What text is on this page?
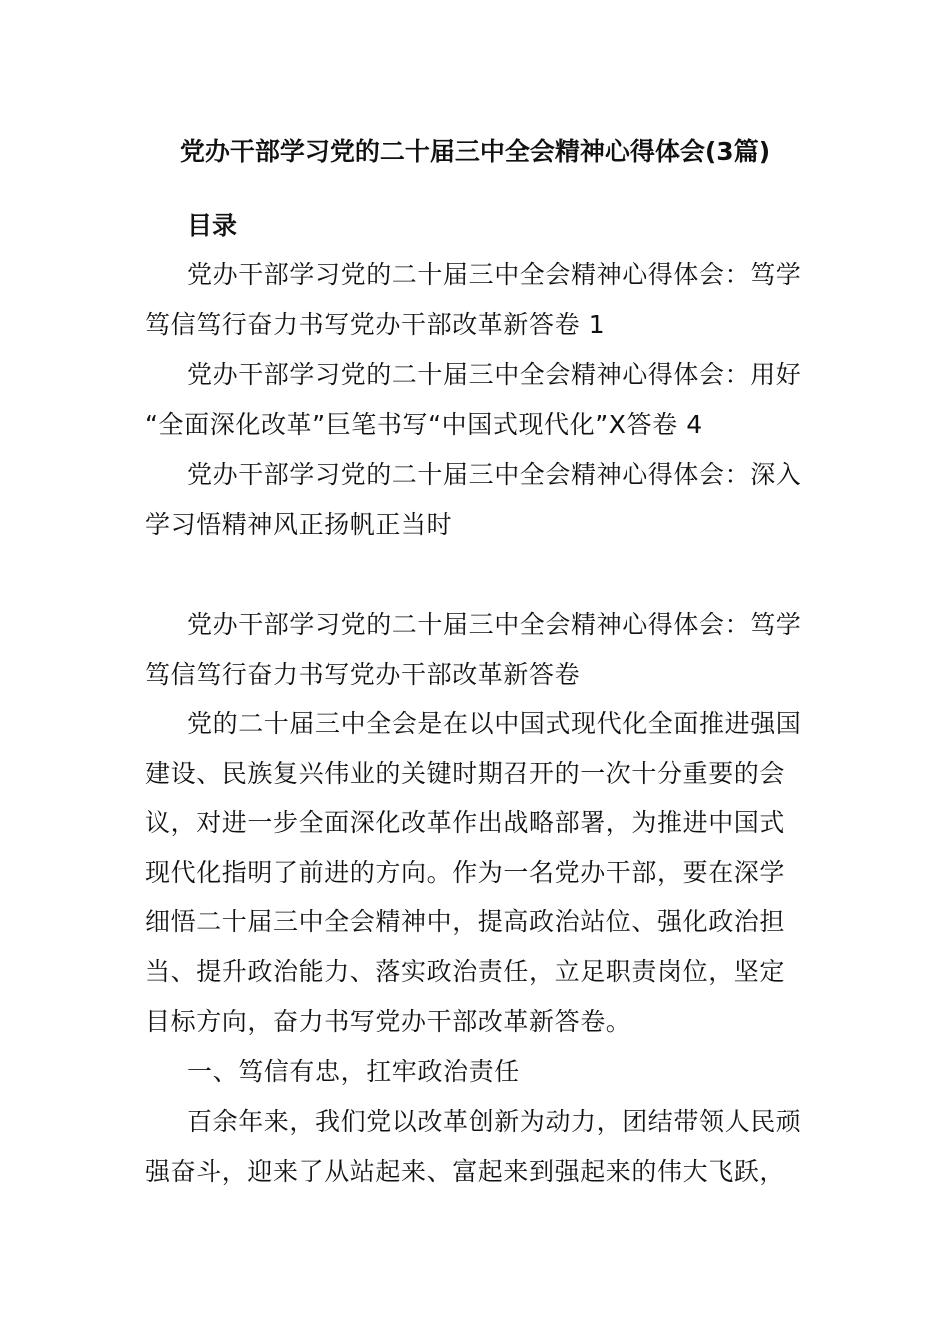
党办干部学习党的二十届三中全会精神心得体会(3篇)
目录
党办干部学习党的二十届三中全会精神心得体会：笃学
笃信笃行奋力书写党办干部改革新答卷 1
党办干部学习党的二十届三中全会精神心得体会：用好
“全面深化改革”巨笔书写“中国式现代化”X答卷 4
党办干部学习党的二十届三中全会精神心得体会：深入
学习悟精神风正扬帆正当时
党办干部学习党的二十届三中全会精神心得体会：笃学
笃信笃行奋力书写党办干部改革新答卷
党的二十届三中全会是在以中国式现代化全面推进强国
建设、民族复兴伟业的关键时期召开的一次十分重要的会
议，对进一步全面深化改革作出战略部署，为推进中国式
现代化指明了前进的方向。作为一名党办干部，要在深学
细悟二十届三中全会精神中，提高政治站位、强化政治担
当、提升政治能力、落实政治责任，立足职责岗位，坚定
目标方向，奋力书写党办干部改革新答卷。
一、笃信有忠，扛牢政治责任
百余年来，我们党以改革创新为动力，团结带领人民顽
强奋斗，迎来了从站起来、富起来到强起来的伟大飞跃，
